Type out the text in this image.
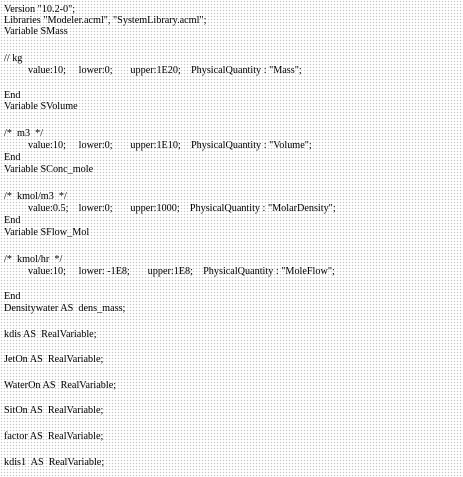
Version "10.2-0";
Libraries "Modeler.acml", "SystemLibrary.acml";
Variable SMass
// kg
value:10;     lower:0;       upper:1E20;    PhysicalQuantity : "Mass";
End
Variable SVolume
/*  m3  */
value:10;     lower:0;       upper:1E10;    PhysicalQuantity : "Volume";
End
Variable SConc_mole
/*  kmol/m3  */
value:0.5;    lower:0;       upper:1000;    PhysicalQuantity : "MolarDensity";
End
Variable SFlow_Mol
/*  kmol/hr  */
value:10;     lower: -1E8;       upper:1E8;    PhysicalQuantity : "MoleFlow";
End
Densitywater AS  dens_mass;
kdis AS  RealVariable;
JetOn AS  RealVariable;
WaterOn AS  RealVariable;
SitOn AS  RealVariable;
factor AS  RealVariable;
kdis1  AS  RealVariable;
